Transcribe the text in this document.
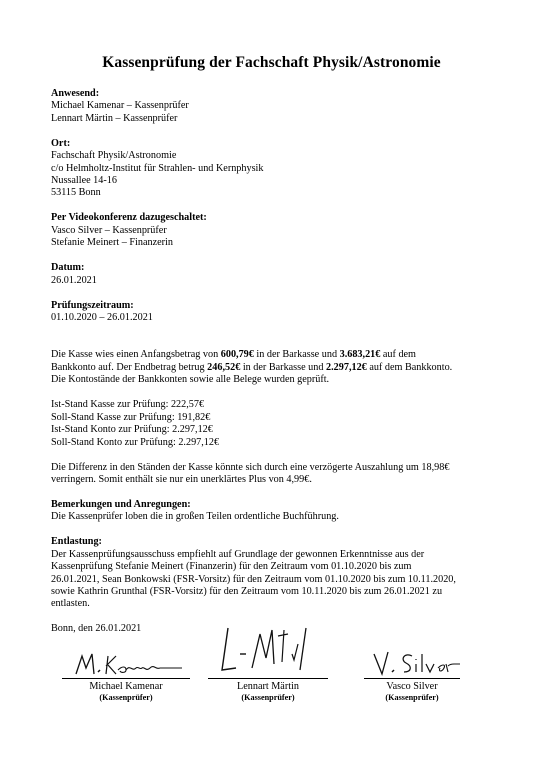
Kassenprüfung der Fachschaft Physik/Astronomie
Anwesend:
Michael Kamenar – Kassenprüfer
Lennart Märtin – Kassenprüfer
Ort:
Fachschaft Physik/Astronomie
c/o Helmholtz-Institut für Strahlen- und Kernphysik
Nussallee 14-16
53115 Bonn
Per Videokonferenz dazugeschaltet:
Vasco Silver – Kassenprüfer
Stefanie Meinert – Finanzerin
Datum:
26.01.2021
Prüfungszeitraum:
01.10.2020 – 26.01.2021
Die Kasse wies einen Anfangsbetrag von 600,79€ in der Barkasse und 3.683,21€ auf dem
Bankkonto auf. Der Endbetrag betrug 246,52€ in der Barkasse und 2.297,12€ auf dem Bankkonto.
Die Kontostände der Bankkonten sowie alle Belege wurden geprüft.
Ist-Stand Kasse zur Prüfung: 222,57€
Soll-Stand Kasse zur Prüfung: 191,82€
Ist-Stand Konto zur Prüfung: 2.297,12€
Soll-Stand Konto zur Prüfung: 2.297,12€
Die Differenz in den Ständen der Kasse könnte sich durch eine verzögerte Auszahlung um 18,98€
verringern. Somit enthält sie nur ein unerklärtes Plus von 4,99€.
Bemerkungen und Anregungen:
Die Kassenprüfer loben die in großen Teilen ordentliche Buchführung.
Entlastung:
Der Kassenprüfungsausschuss empfiehlt auf Grundlage der gewonnen Erkenntnisse aus der
Kassenprüfung Stefanie Meinert (Finanzerin) für den Zeitraum vom 01.10.2020 bis zum
26.01.2021, Sean Bonkowski (FSR-Vorsitz) für den Zeitraum vom 01.10.2020 bis zum 10.11.2020,
sowie Kathrin Grunthal (FSR-Vorsitz) für den Zeitraum vom 10.11.2020 bis zum 26.01.2021 zu
entlasten.
Bonn, den 26.01.2021
Michael Kamenar
(Kassenprüfer)
Lennart Märtin
(Kassenprüfer)
Vasco Silver
(Kassenprüfer)
